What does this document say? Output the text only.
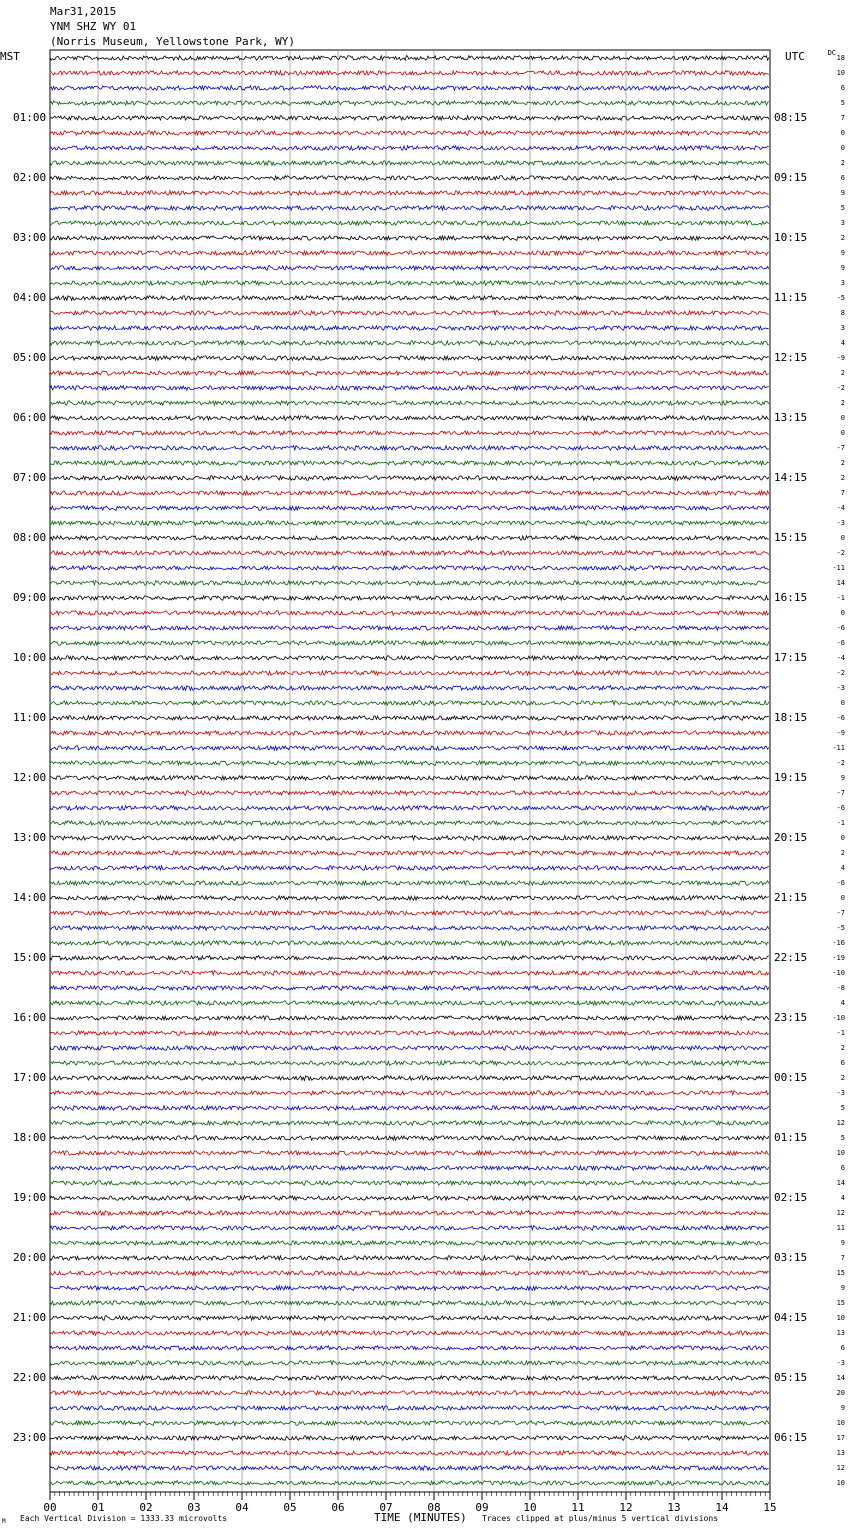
Mar31,2015
YNM SHZ WY 01
(Norris Museum, Yellowstone Park, WY)
MST	UTC	DC
01:00
02:00
03:00
04:00
05:00
06:00
07:00
08:00
09:00
10:00
11:00
12:00
13:00
14:00
15:00
16:00
17:00
18:00
19:00
20:00
21:00
22:00
23:00
08:15
09:15
10:15
11:15
12:15
13:15
14:15
15:15
16:15
17:15
18:15
19:15
20:15
21:15
22:15
23:15
00:15
01:15
02:15
03:15
04:15
05:15
06:15
18
10
6
5
7
0
0
2
6
9
5
3
2
9
9
3
-5
8
3
4
-9
2
-2
2
0
0
-7
2
2
7
-4
-3
0
-2
-11
14
-1
0
-6
-6
-4
-2
-3
0
-6
-9
-11
-2
9
-7
-6
-1
0
2
4
-6
0
-7
-5
-16
-19
-10
-8
4
-10
-1
2
6
2
-3
5
12
5
10
6
14
4
12
11
9
7
15
9
15
10
13
6
-3
14
20
9
10
17
13
12
10
00	01	02	03	04	05	06	07	08	09	10	11	12	13	14	15
TIME (MINUTES)
M Each Vertical Division = 1333.33 microvolts	Traces clipped at plus/minus 5 vertical divisions
